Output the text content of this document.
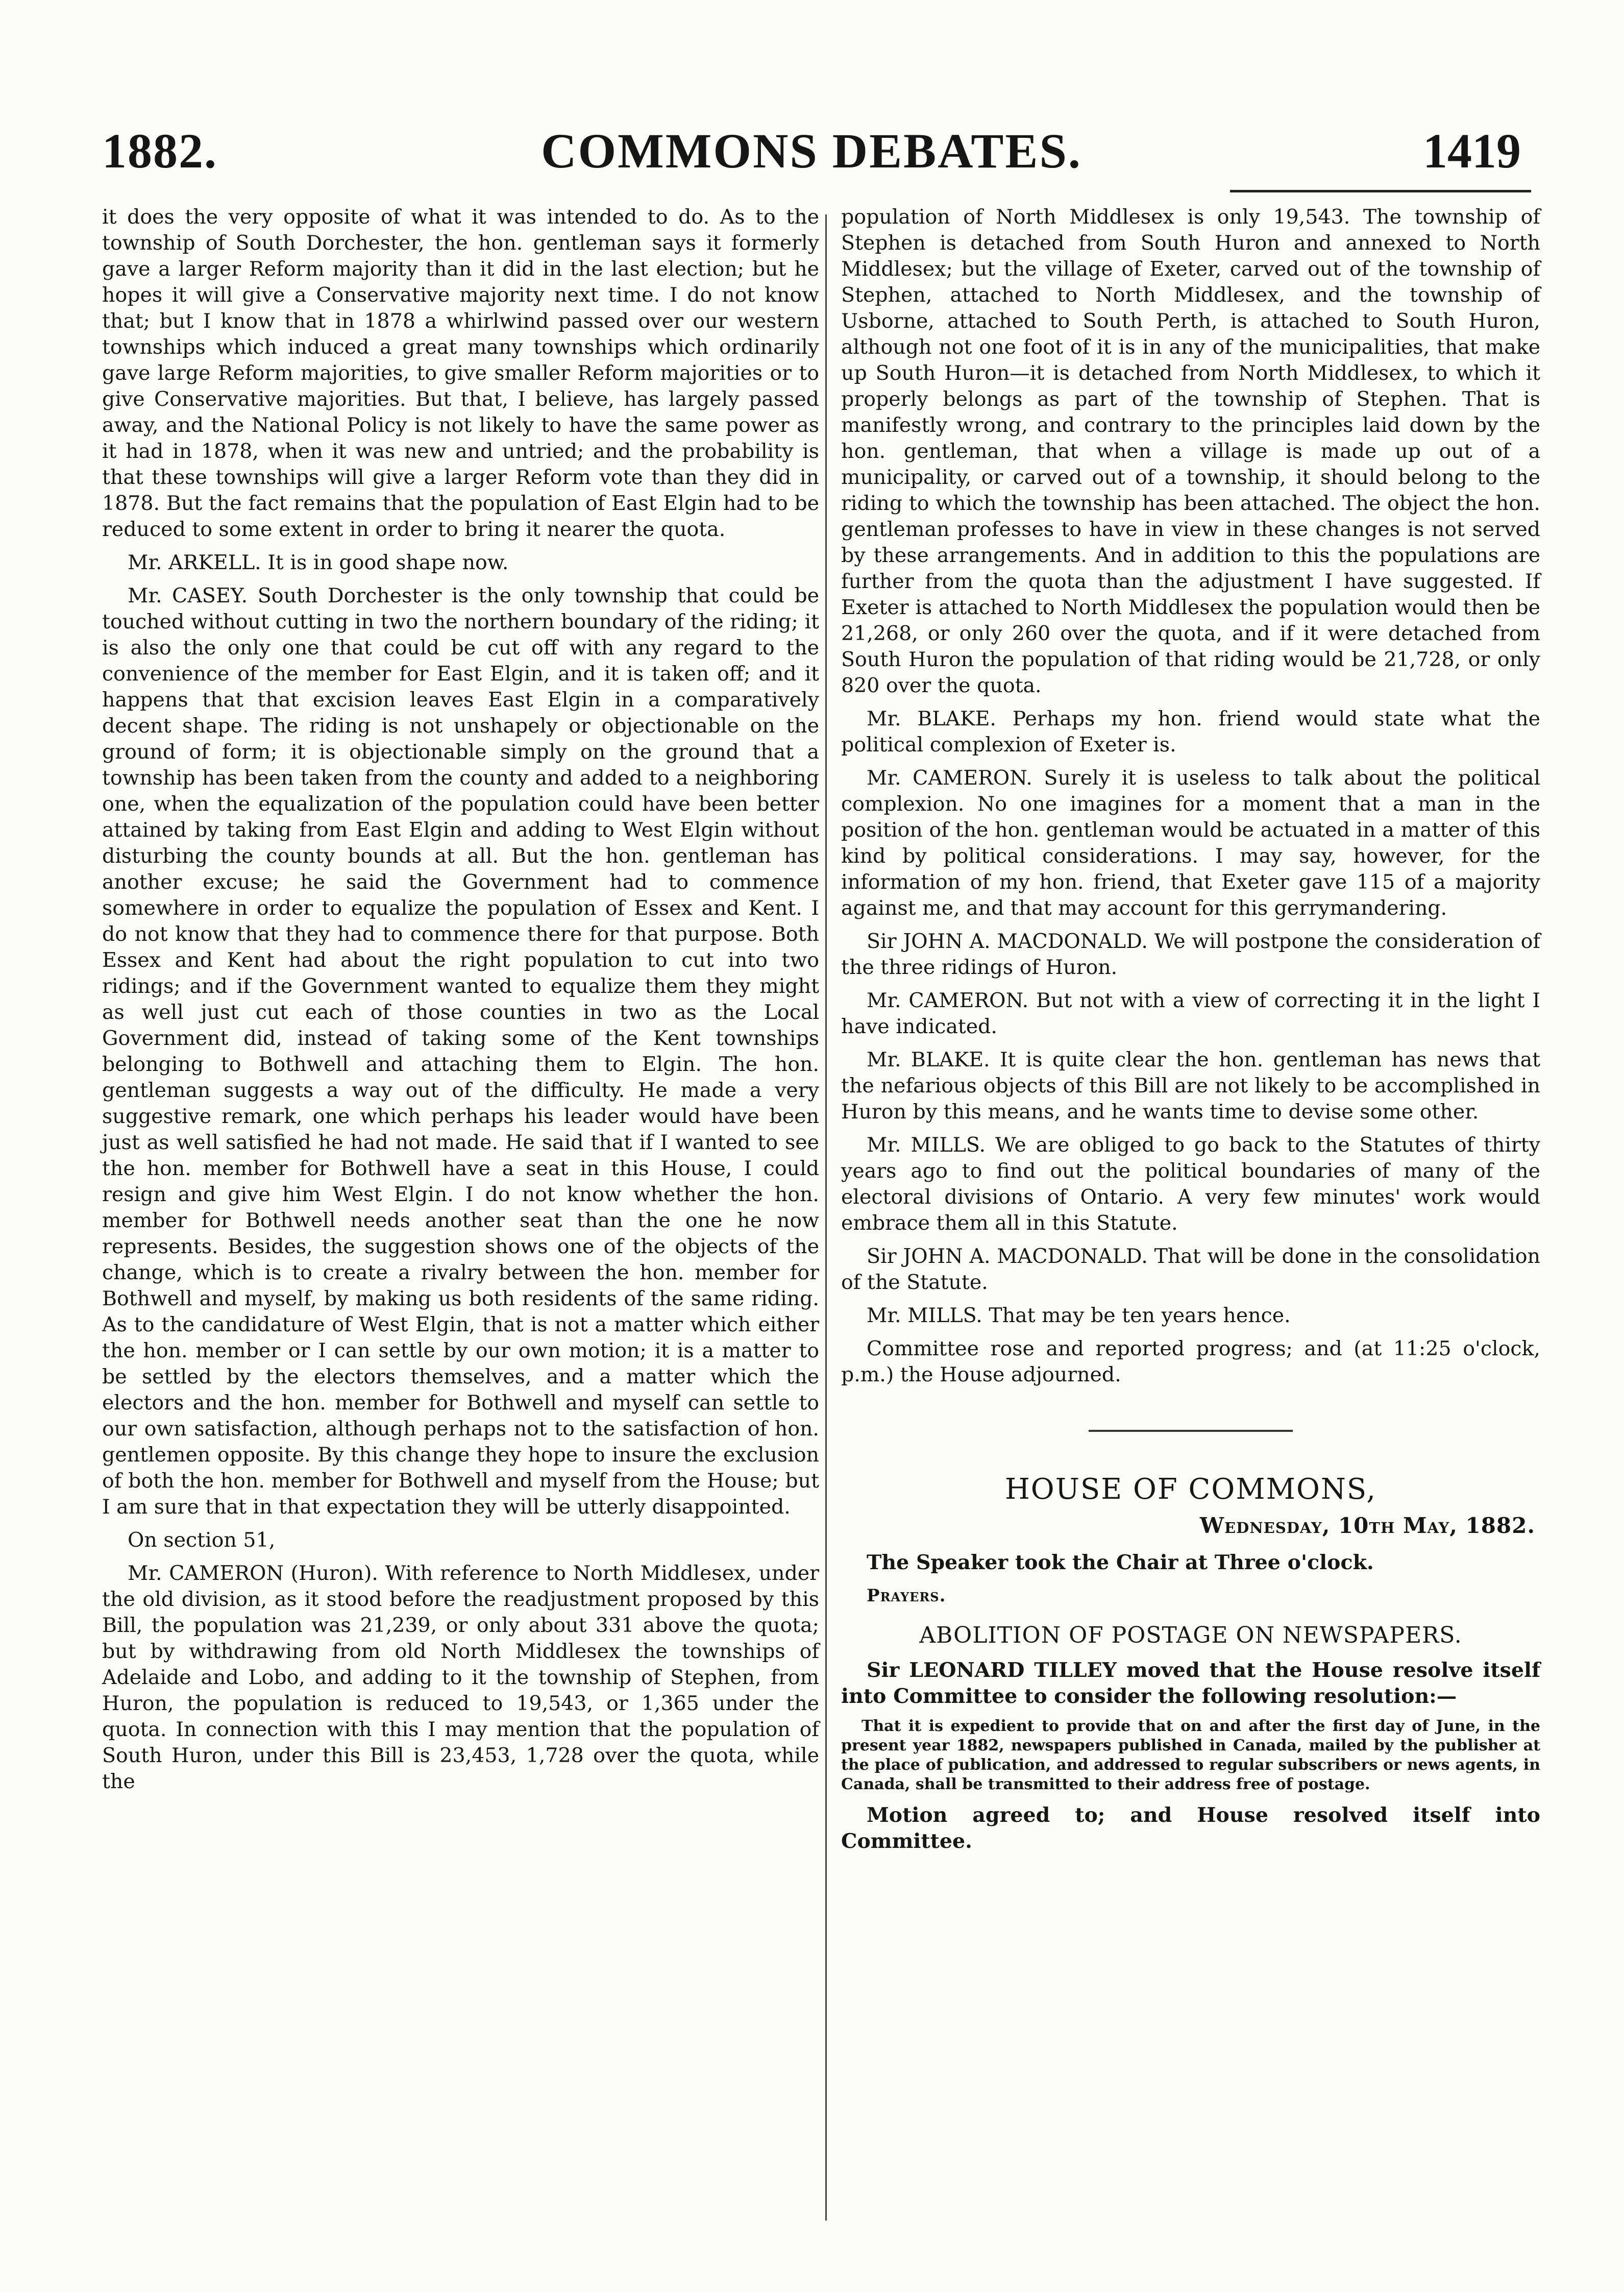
1882.	COMMONS DEBATES.	1419

it does the very opposite of what it was intended to do. As to the township of South Dorchester, the hon. gentleman says it formerly gave a larger Reform majority than it did in the last election; but he hopes it will give a Conservative majority next time. I do not know that; but I know that in 1878 a whirlwind passed over our western townships which induced a great many townships which ordinarily gave large Reform majorities, to give smaller Reform majorities or to give Conservative majorities. But that, I believe, has largely passed away, and the National Policy is not likely to have the same power as it had in 1878, when it was new and untried; and the probability is that these townships will give a larger Reform vote than they did in 1878. But the fact remains that the population of East Elgin had to be reduced to some extent in order to bring it nearer the quota.

Mr. ARKELL. It is in good shape now.

Mr. CASEY. South Dorchester is the only township that could be touched without cutting in two the northern boundary of the riding; it is also the only one that could be cut off with any regard to the convenience of the member for East Elgin, and it is taken off; and it happens that that excision leaves East Elgin in a comparatively decent shape. The riding is not unshapely or objectionable on the ground of form; it is objectionable simply on the ground that a township has been taken from the county and added to a neighboring one, when the equalization of the population could have been better attained by taking from East Elgin and adding to West Elgin without disturbing the county bounds at all. But the hon. gentleman has another excuse; he said the Government had to commence somewhere in order to equalize the population of Essex and Kent. I do not know that they had to commence there for that purpose. Both Essex and Kent had about the right population to cut into two ridings; and if the Government wanted to equalize them they might as well just cut each of those counties in two as the Local Government did, instead of taking some of the Kent townships belonging to Bothwell and attaching them to Elgin. The hon. gentleman suggests a way out of the difficulty. He made a very suggestive remark, one which perhaps his leader would have been just as well satisfied he had not made. He said that if I wanted to see the hon. member for Bothwell have a seat in this House, I could resign and give him West Elgin. I do not know whether the hon. member for Bothwell needs another seat than the one he now represents. Besides, the suggestion shows one of the objects of the change, which is to create a rivalry between the hon. member for Bothwell and myself, by making us both residents of the same riding. As to the candidature of West Elgin, that is not a matter which either the hon. member or I can settle by our own motion; it is a matter to be settled by the electors themselves, and a matter which the electors and the hon. member for Bothwell and myself can settle to our own satisfaction, although perhaps not to the satisfaction of hon. gentlemen opposite. By this change they hope to insure the exclusion of both the hon. member for Bothwell and myself from the House; but I am sure that in that expectation they will be utterly disappointed.

On section 51,

Mr. CAMERON (Huron). With reference to North Middlesex, under the old division, as it stood before the readjustment proposed by this Bill, the population was 21,239, or only about 331 above the quota; but by withdrawing from old North Middlesex the townships of Adelaide and Lobo, and adding to it the township of Stephen, from Huron, the population is reduced to 19,543, or 1,365 under the quota. In connection with this I may mention that the population of South Huron, under this Bill is 23,453, 1,728 over the quota, while the

population of North Middlesex is only 19,543. The township of Stephen is detached from South Huron and annexed to North Middlesex; but the village of Exeter, carved out of the township of Stephen, attached to North Middlesex, and the township of Usborne, attached to South Perth, is attached to South Huron, although not one foot of it is in any of the municipalities, that make up South Huron—it is detached from North Middlesex, to which it properly belongs as part of the township of Stephen. That is manifestly wrong, and contrary to the principles laid down by the hon. gentleman, that when a village is made up out of a municipality, or carved out of a township, it should belong to the riding to which the township has been attached. The object the hon. gentleman professes to have in view in these changes is not served by these arrangements. And in addition to this the populations are further from the quota than the adjustment I have suggested. If Exeter is attached to North Middlesex the population would then be 21,268, or only 260 over the quota, and if it were detached from South Huron the population of that riding would be 21,728, or only 820 over the quota.

Mr. BLAKE. Perhaps my hon. friend would state what the political complexion of Exeter is.

Mr. CAMERON. Surely it is useless to talk about the political complexion. No one imagines for a moment that a man in the position of the hon. gentleman would be actuated in a matter of this kind by political considerations. I may say, however, for the information of my hon. friend, that Exeter gave 115 of a majority against me, and that may account for this gerrymandering.

Sir JOHN A. MACDONALD. We will postpone the consideration of the three ridings of Huron.

Mr. CAMERON. But not with a view of correcting it in the light I have indicated.

Mr. BLAKE. It is quite clear the hon. gentleman has news that the nefarious objects of this Bill are not likely to be accomplished in Huron by this means, and he wants time to devise some other.

Mr. MILLS. We are obliged to go back to the Statutes of thirty years ago to find out the political boundaries of many of the electoral divisions of Ontario. A very few minutes' work would embrace them all in this Statute.

Sir JOHN A. MACDONALD. That will be done in the consolidation of the Statute.

Mr. MILLS. That may be ten years hence.

Committee rose and reported progress; and (at 11:25 o'clock, p.m.) the House adjourned.

HOUSE OF COMMONS,
Wednesday, 10th May, 1882.

The Speaker took the Chair at Three o'clock.

Prayers.

ABOLITION OF POSTAGE ON NEWSPAPERS.

Sir LEONARD TILLEY moved that the House resolve itself into Committee to consider the following resolution:—

That it is expedient to provide that on and after the first day of June, in the present year 1882, newspapers published in Canada, mailed by the publisher at the place of publication, and addressed to regular subscribers or news agents, in Canada, shall be transmitted to their address free of postage.

Motion agreed to; and House resolved itself into Committee.
